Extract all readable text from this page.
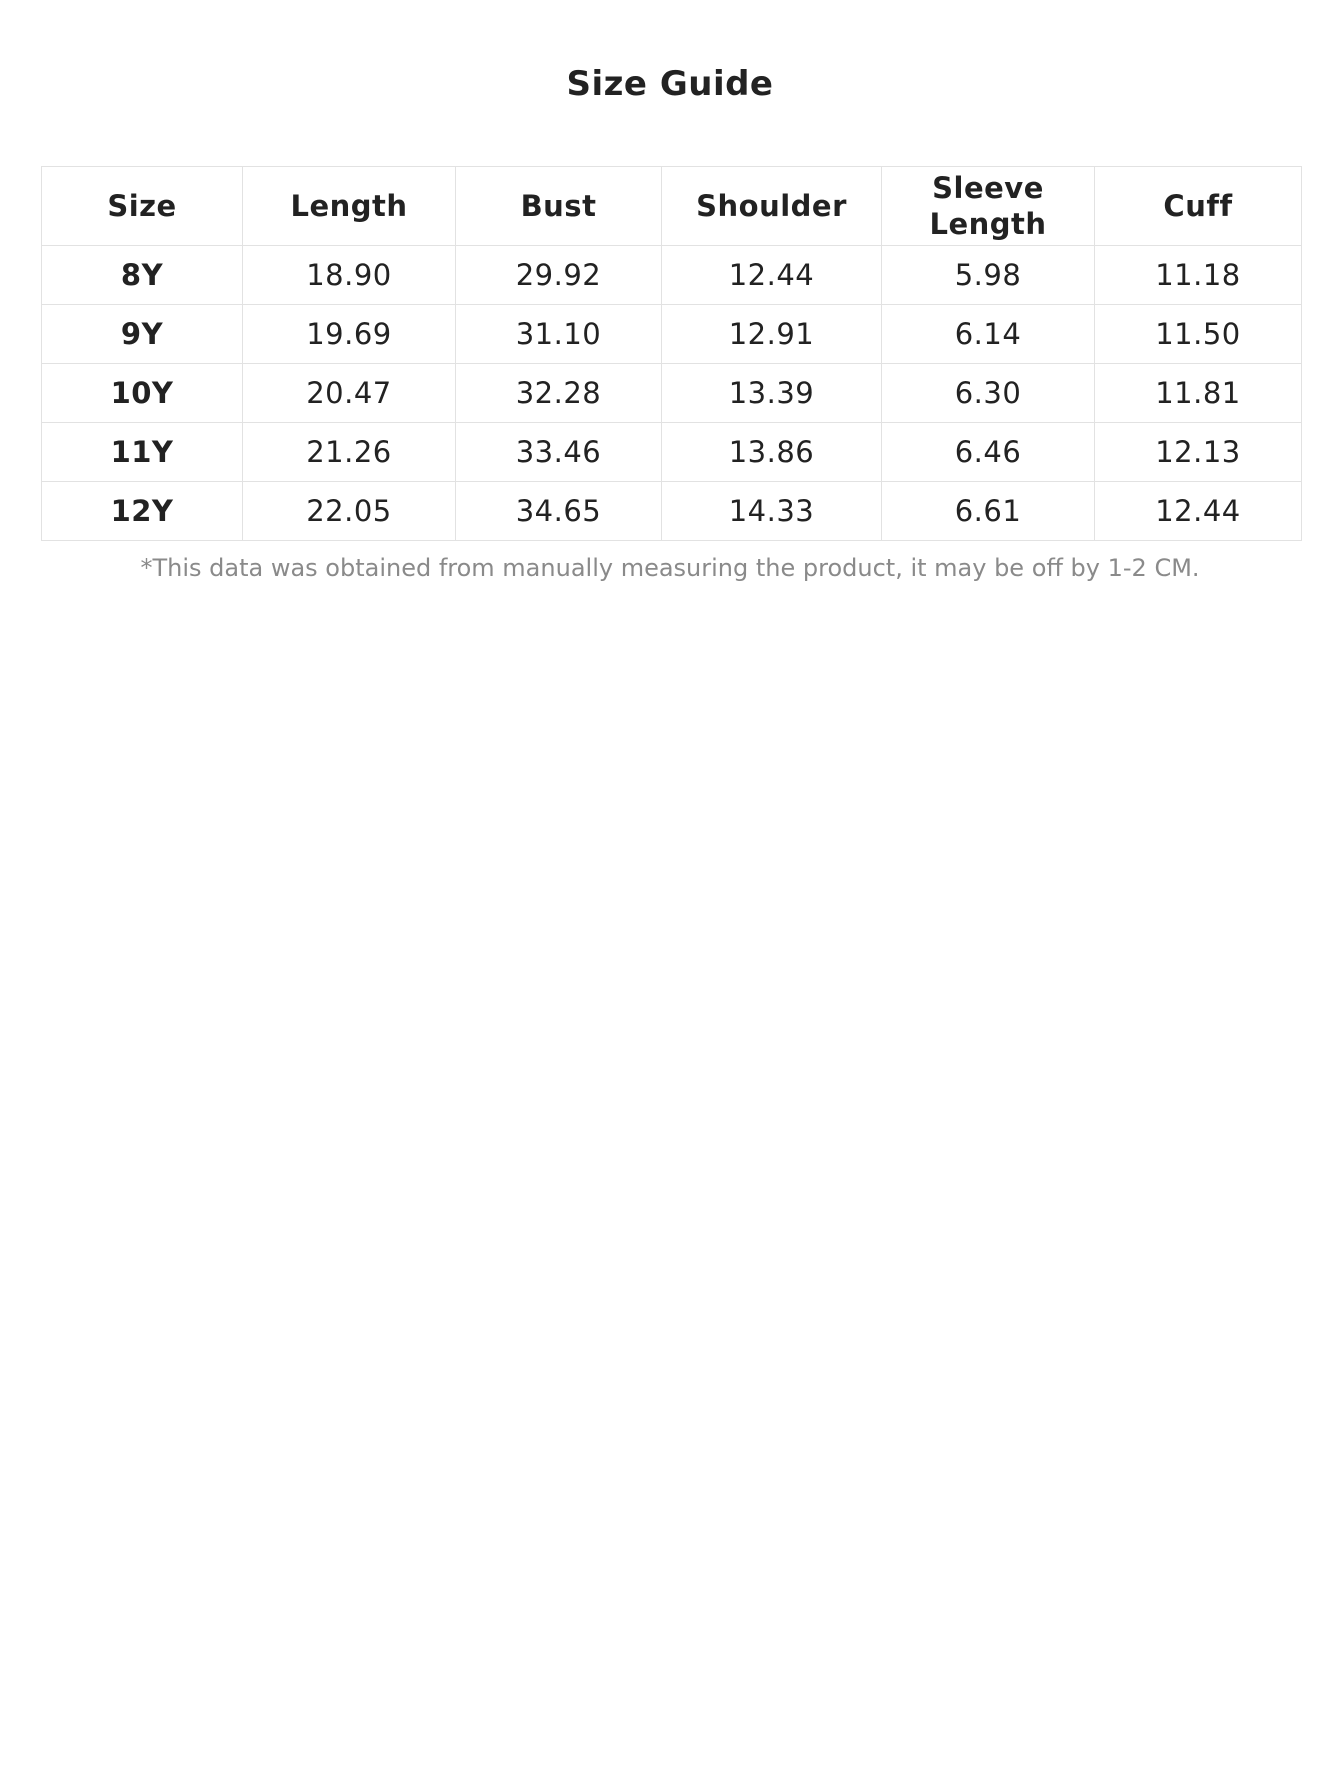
Size Guide
Size	Length	Bust	Shoulder	Sleeve Length	Cuff
8Y	18.90	29.92	12.44	5.98	11.18
9Y	19.69	31.10	12.91	6.14	11.50
10Y	20.47	32.28	13.39	6.30	11.81
11Y	21.26	33.46	13.86	6.46	12.13
12Y	22.05	34.65	14.33	6.61	12.44
*This data was obtained from manually measuring the product, it may be off by 1-2 CM.
